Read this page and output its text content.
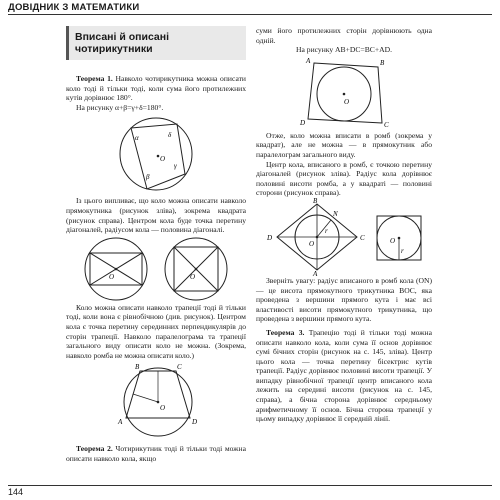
ДОВІДНИК З МАТЕМАТИКИ
Вписані й описані чотирикутники

Теорема 1. Навколо чотирикутника можна описати коло тоді й тільки тоді, коли сума його протилежних кутів дорівнює 180°.

На рисунку α+β=γ+δ=180°.

O
α	δ
γ
β

Із цього випливає, що коло можна описати навколо прямокутника (рисунок зліва), зокрема квадрата (рисунок справа). Центром кола буде точка перетину діагоналей, радіусом кола — половина діагоналі.

O	O

Коло можна описати навколо трапеції тоді й тільки тоді, коли вона є рівнобічною (див. рисунок). Центром кола є точка перетину серединних перпендикулярів до сторін трапеції. Навколо паралелограма та трапеції загального виду описати коло не можна. (Зокрема, навколо ромба не можна описати коло.)

O
B	C
A	D

Теорема 2. Чотирикутник тоді й тільки тоді можна описати навколо кола, якщо

суми його протилежних сторін дорівнюють одна одній.

На рисунку AB+DC=BC+AD.

O
A	B
C
D

Отже, коло можна вписати в ромб (зокрема у квадрат), але не можна — в прямокутник або паралелограм загального виду.

Центр кола, вписаного в ромб, є точкою перетину діагоналей (рисунок зліва). Радіус кола дорівнює половині висоти ромба, а у квадраті — половині сторони (рисунок справа).

O
r
D
B
C
A
N
O
r

Зверніть увагу: радіус вписаного в ромб кола (ON) — це висота прямокутного трикутника BOC, яка проведена з вершини прямого кута і має всі властивості висоти прямокутного трикутника, що проведена з вершини прямого кута.

Теорема 3. Трапецію тоді й тільки тоді можна описати навколо кола, коли сума її основ дорівнює сумі бічних сторін (рисунок на с. 145, зліва). Центр цього кола — точка перетину бісектрис кутів трапеції. Радіус дорівнює половині висоти трапеції. У випадку рівнобічної трапеції центр вписаного кола лежить на середині висоти (рисунок на с. 145, справа), а бічна сторона дорівнює середньому арифметичному її основ. Бічна сторона трапеції у цьому випадку дорівнює її середній лінії.

144
